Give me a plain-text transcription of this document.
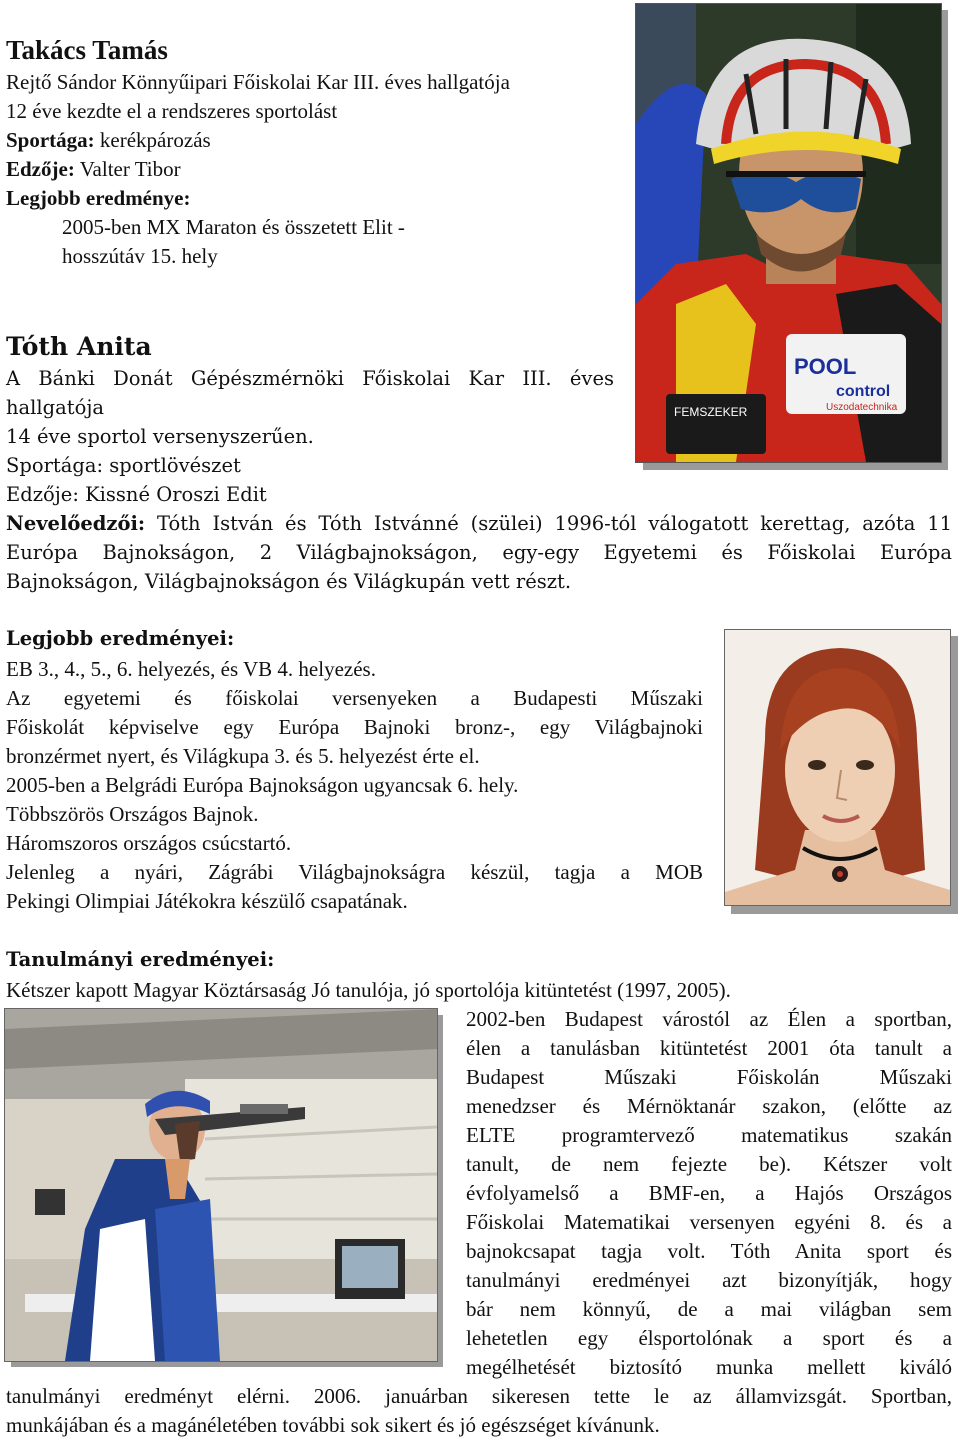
POOL
control
Uszodatechnika
FEMSZEKER
Takács Tamás
Rejtő Sándor Könnyűipari Főiskolai Kar III. éves hallgatója
12 éve kezdte el a rendszeres sportolást
Sportága: kerékpározás
Edzője: Valter Tibor
Legjobb eredménye:
2005-ben MX Maraton és összetett Elit -
hosszútáv 15. hely
Tóth Anita
A Bánki Donát Gépészmérnöki Főiskolai Kar III. éves
hallgatója
14 éve sportol versenyszerűen.
Sportága: sportlövészet
Edzője: Kissné Oroszi Edit
Nevelőedzői: Tóth István és Tóth Istvánné (szülei) 1996-tól válogatott kerettag, azóta 11
Európa Bajnokságon, 2 Világbajnokságon, egy-egy Egyetemi és Főiskolai Európa
Bajnokságon, Világbajnokságon és Világkupán vett részt.
Legjobb eredményei:
EB 3., 4., 5., 6. helyezés, és VB 4. helyezés.
Az egyetemi és főiskolai versenyeken a Budapesti Műszaki
Főiskolát képviselve egy Európa Bajnoki bronz-, egy Világbajnoki
bronzérmet nyert, és Világkupa 3. és 5. helyezést érte el.
2005-ben a Belgrádi Európa Bajnokságon ugyancsak 6. hely.
Többszörös Országos Bajnok.
Háromszoros országos csúcstartó.
Jelenleg a nyári, Zágrábi Világbajnokságra készül, tagja a MOB
Pekingi Olimpiai Játékokra készülő csapatának.
Tanulmányi eredményei:
Kétszer kapott Magyar Köztársaság Jó tanulója, jó sportolója kitüntetést (1997, 2005).
2002-ben Budapest várostól az Élen a sportban,
élen a tanulásban kitüntetést 2001 óta tanult a
Budapest Műszaki Főiskolán Műszaki
menedzser és Mérnöktanár szakon, (előtte az
ELTE programtervező matematikus szakán
tanult, de nem fejezte be). Kétszer volt
évfolyamelső a BMF-en, a Hajós Országos
Főiskolai Matematikai versenyen egyéni 8. és a
bajnokcsapat tagja volt. Tóth Anita sport és
tanulmányi eredményei azt bizonyítják, hogy
bár nem könnyű, de a mai világban sem
lehetetlen egy élsportolónak a sport és a
megélhetését biztosító munka mellett kiváló
tanulmányi eredményt elérni. 2006. januárban sikeresen tette le az államvizsgát. Sportban,
munkájában és a magánéletében további sok sikert és jó egészséget kívánunk.
